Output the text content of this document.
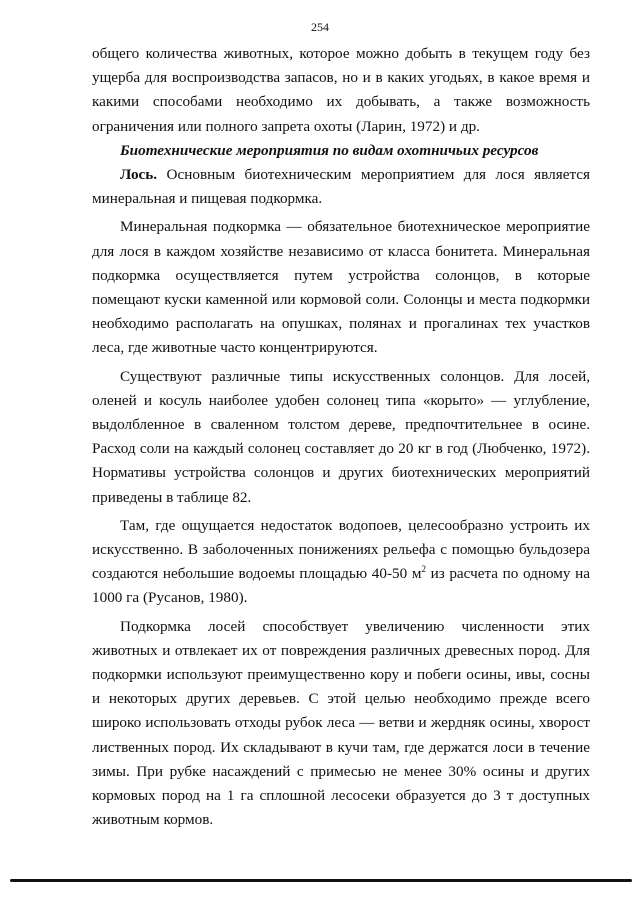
254

общего количества животных, которое можно добыть в текущем году без ущерба для воспроизводства запасов, но и в каких угодьях, в какое время и какими способами необходимо их добывать, а также возможность ограничения или полного запрета охоты (Ларин, 1972) и др.

Биотехнические мероприятия по видам охотничьих ресурсов

Лось. Основным биотехническим мероприятием для лося является минеральная и пищевая подкормка.

Минеральная подкормка — обязательное биотехническое мероприятие для лося в каждом хозяйстве независимо от класса бонитета. Минеральная подкормка осуществляется путем устройства солонцов, в которые помещают куски каменной или кормовой соли. Солонцы и места подкормки необходимо располагать на опушках, полянах и прогалинах тех участков леса, где животные часто концентрируются.

Существуют различные типы искусственных солонцов. Для лосей, оленей и косуль наиболее удобен солонец типа «корыто» — углубление, выдолбленное в сваленном толстом дереве, предпочтительнее в осине. Расход соли на каждый солонец составляет до 20 кг в год (Любченко, 1972). Нормативы устройства солонцов и других биотехнических мероприятий приведены в таблице 82.

Там, где ощущается недостаток водопоев, целесообразно устроить их искусственно. В заболоченных понижениях рельефа с помощью бульдозера создаются небольшие водоемы площадью 40-50 $м^2$ из расчета по одному на 1000 га (Русанов, 1980).

Подкормка лосей способствует увеличению численности этих животных и отвлекает их от повреждения различных древесных пород. Для подкормки используют преимущественно кору и побеги осины, ивы, сосны и некоторых других деревьев. С этой целью необходимо прежде всего широко использовать отходы рубок леса — ветви и жердняк осины, хворост лиственных пород. Их складывают в кучи там, где держатся лоси в течение зимы. При рубке насаждений с примесью не менее 30% осины и других кормовых пород на 1 га сплошной лесосеки образуется до 3 т доступных животным кормов.
